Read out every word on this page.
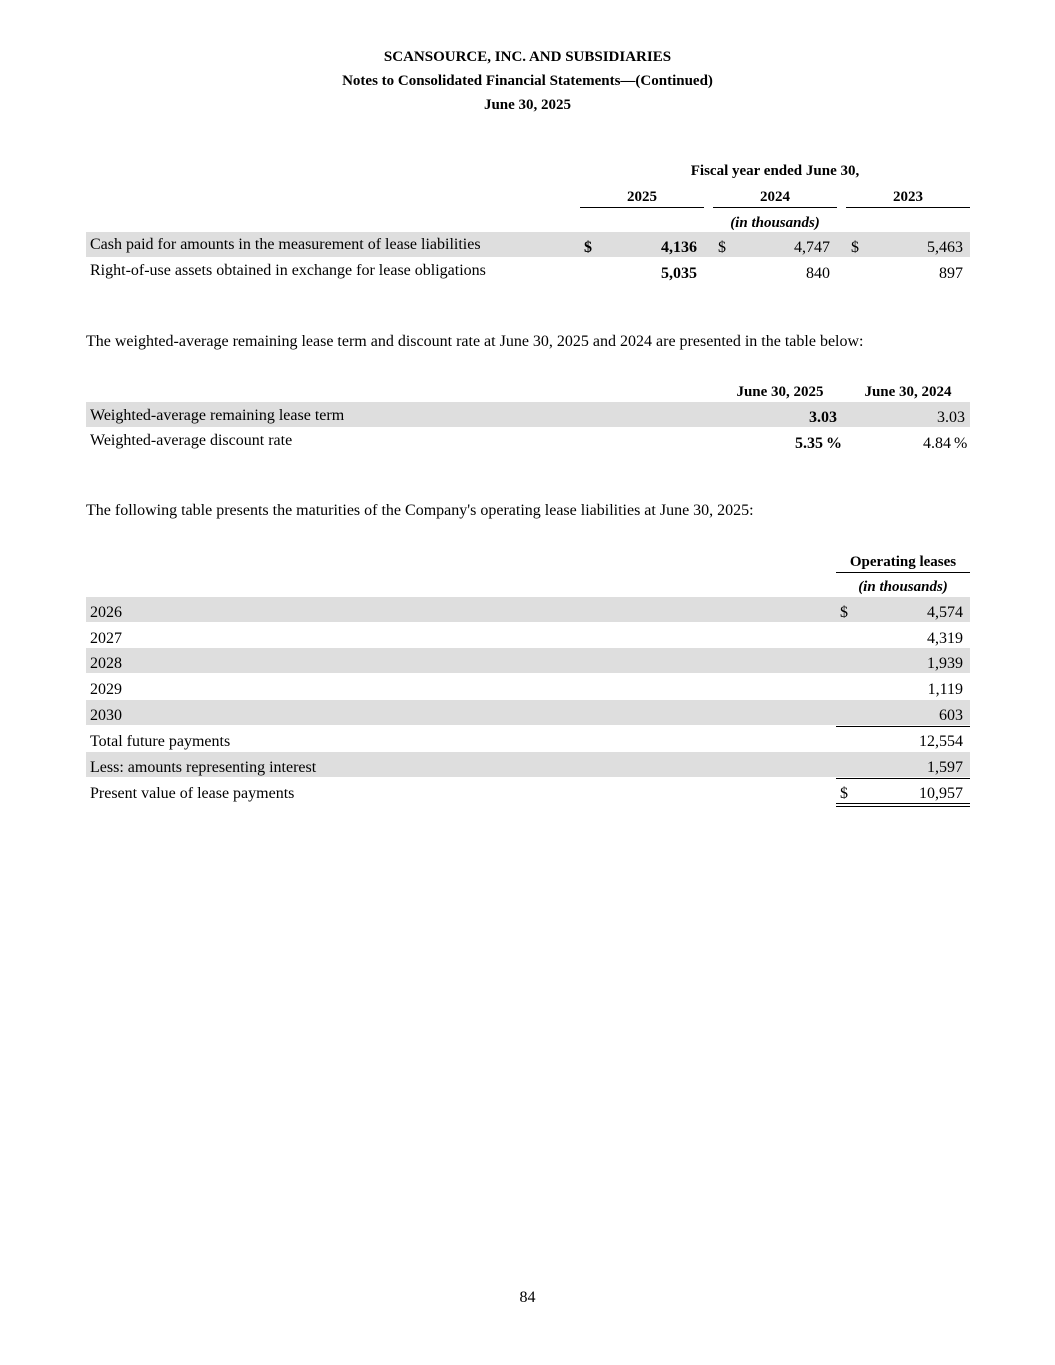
SCANSOURCE, INC. AND SUBSIDIARIES
Notes to Consolidated Financial Statements—(Continued)
June 30, 2025
Fiscal year ended June 30,
2025	2024	2023
(in thousands)
Cash paid for amounts in the measurement of lease liabilities	$	4,136 $	4,747 $	5,463
Right-of-use assets obtained in exchange for lease obligations	5,035	840	897
The weighted-average remaining lease term and discount rate at June 30, 2025 and 2024 are presented in the table below:
June 30, 2025	June 30, 2024
Weighted-average remaining lease term	3.03	3.03
Weighted-average discount rate	5.35 %	4.84 %
The following table presents the maturities of the Company's operating lease liabilities at June 30, 2025:
Operating leases
(in thousands)
2026	$	4,574
2027	4,319
2028	1,939
2029	1,119
2030	603
Total future payments	12,554
Less: amounts representing interest	1,597
Present value of lease payments	$	10,957
84
